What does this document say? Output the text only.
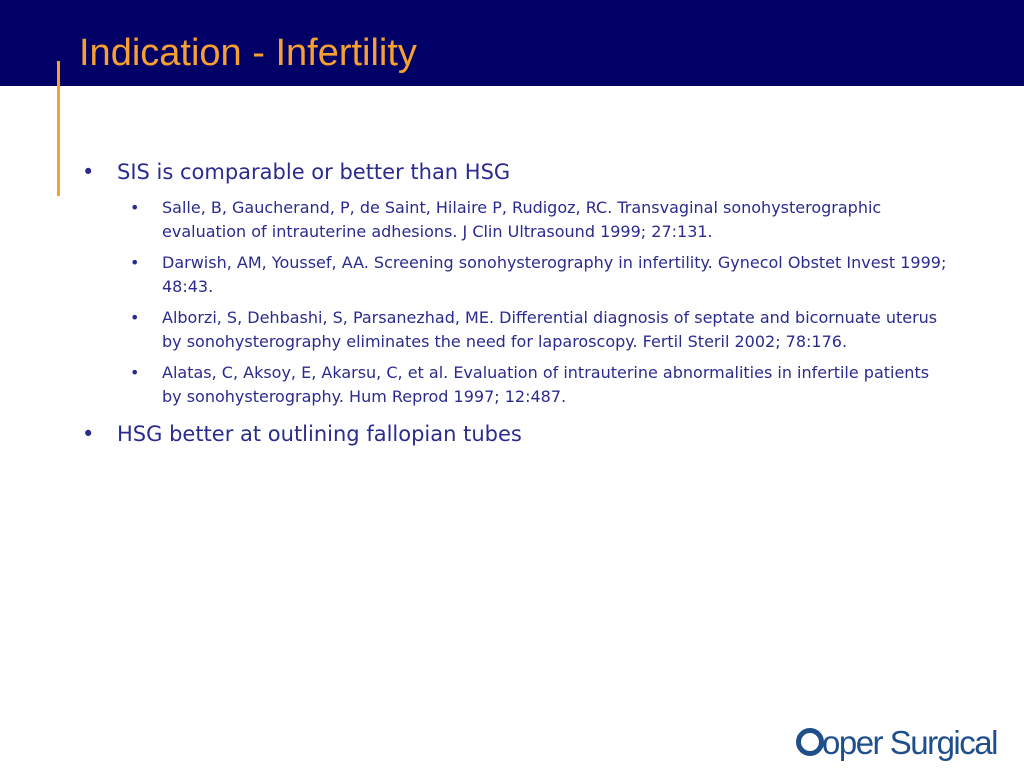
Indication - Infertility

• SIS is comparable or better than HSG

• Salle, B, Gaucherand, P, de Saint, Hilaire P, Rudigoz, RC. Transvaginal sonohysterographic evaluation of intrauterine adhesions. J Clin Ultrasound 1999; 27:131.

• Darwish, AM, Youssef, AA. Screening sonohysterography in infertility. Gynecol Obstet Invest 1999; 48:43.

• Alborzi, S, Dehbashi, S, Parsanezhad, ME. Differential diagnosis of septate and bicornuate uterus by sonohysterography eliminates the need for laparoscopy. Fertil Steril 2002; 78:176.

• Alatas, C, Aksoy, E, Akarsu, C, et al. Evaluation of intrauterine abnormalities in infertile patients by sonohysterography. Hum Reprod 1997; 12:487.

• HSG better at outlining fallopian tubes

oper Surgical
